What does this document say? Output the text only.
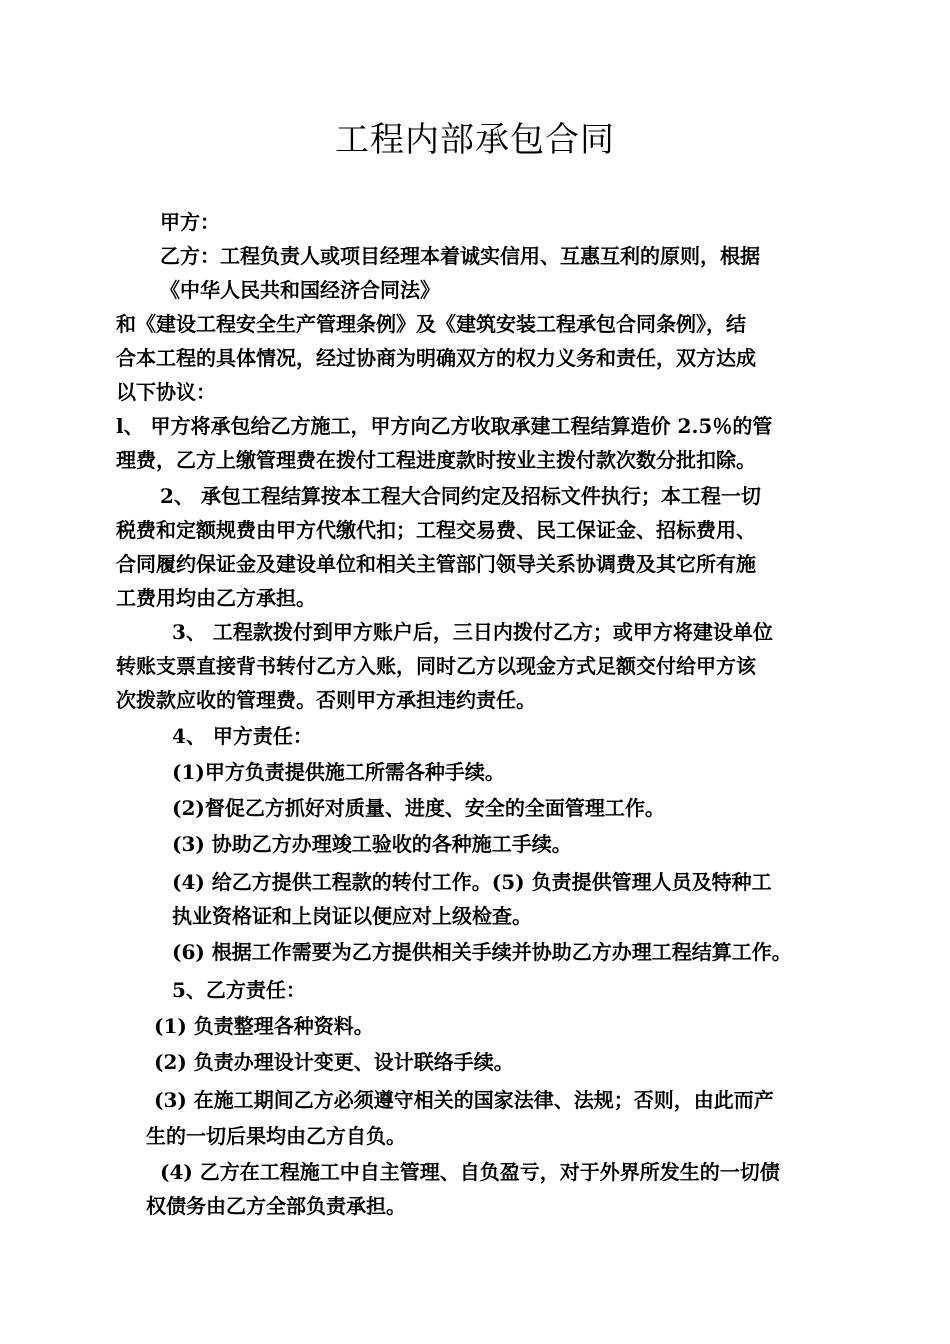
工程内部承包合同

甲方：

乙方：工程负责人或项目经理本着诚实信用、互惠互利的原则，根据

《中华人民共和国经济合同法》

和《建设工程安全生产管理条例》及《建筑安装工程承包合同条例》，结

合本工程的具体情况，经过协商为明确双方的权力义务和责任，双方达成

以下协议：

l、 甲方将承包给乙方施工，甲方向乙方收取承建工程结算造价 2.5％的管

理费，乙方上缴管理费在拨付工程进度款时按业主拨付款次数分批扣除。

2、 承包工程结算按本工程大合同约定及招标文件执行；本工程一切

税费和定额规费由甲方代缴代扣；工程交易费、民工保证金、招标费用、

合同履约保证金及建设单位和相关主管部门领导关系协调费及其它所有施

工费用均由乙方承担。

3、 工程款拨付到甲方账户后，三日内拨付乙方；或甲方将建设单位

转账支票直接背书转付乙方入账，同时乙方以现金方式足额交付给甲方该

次拨款应收的管理费。否则甲方承担违约责任。

4、 甲方责任：

(1)甲方负责提供施工所需各种手续。

(2)督促乙方抓好对质量、进度、安全的全面管理工作。

(3) 协助乙方办理竣工验收的各种施工手续。

(4) 给乙方提供工程款的转付工作。(5) 负责提供管理人员及特种工

执业资格证和上岗证以便应对上级检查。

(6) 根据工作需要为乙方提供相关手续并协助乙方办理工程结算工作。

5、乙方责任：

(1) 负责整理各种资料。

(2) 负责办理设计变更、设计联络手续。

(3) 在施工期间乙方必须遵守相关的国家法律、法规；否则，由此而产

生的一切后果均由乙方自负。

(4) 乙方在工程施工中自主管理、自负盈亏，对于外界所发生的一切债

权债务由乙方全部负责承担。
